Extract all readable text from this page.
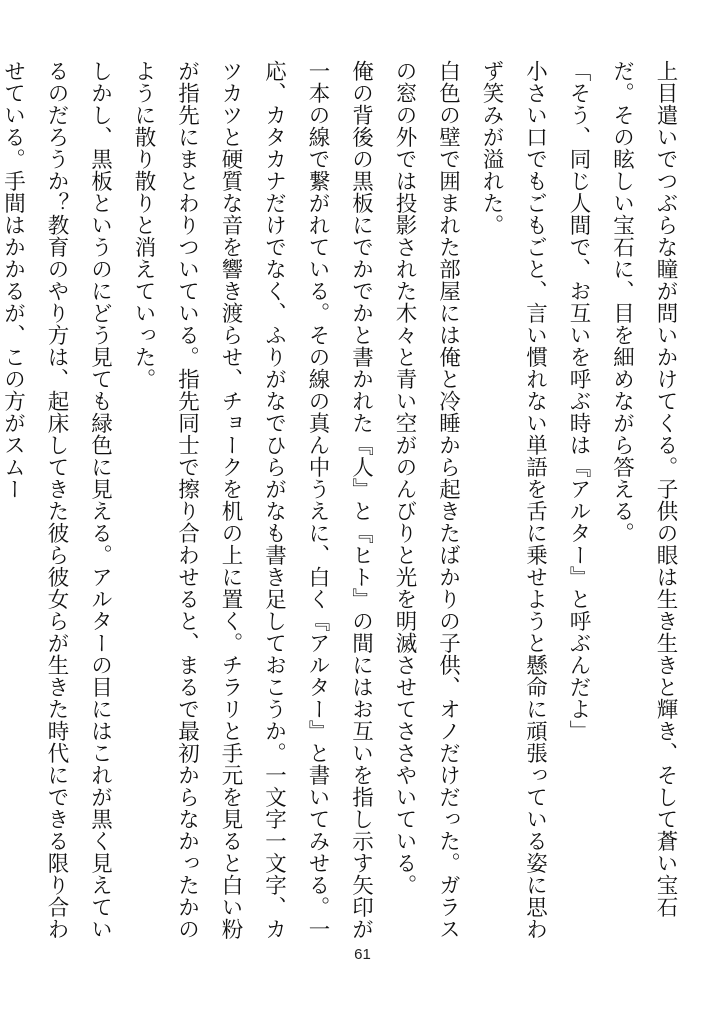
上目遣いでつぶらな瞳が問いかけてくる。子供の眼は生き生きと輝き、そして蒼い宝石だ。その眩しい宝石に、目を細めながら答える。

「そう、同じ人間で、お互いを呼ぶ時は『アルター』と呼ぶんだよ」

小さい口でもごもごと、言い慣れない単語を舌に乗せようと懸命に頑張っている姿に思わず笑みが溢れた。

白色の壁で囲まれた部屋には俺と冷睡から起きたばかりの子供、オノだけだった。ガラスの窓の外では投影された木々と青い空がのんびりと光を明滅させてささやいている。

俺の背後の黒板にでかでかと書かれた『人』と『ヒト』の間にはお互いを指し示す矢印が一本の線で繋がれている。その線の真ん中うえに、白く『アルター』と書いてみせる。一応、カタカナだけでなく、ふりがなでひらがなも書き足しておこうか。一文字一文字、カツカツと硬質な音を響き渡らせ、チョークを机の上に置く。チラリと手元を見ると白い粉が指先にまとわりついている。指先同士で擦り合わせると、まるで最初からなかったかのように散り散りと消えていった。

しかし、黒板というのにどう見ても緑色に見える。アルターの目にはこれが黒く見えているのだろうか？教育のやり方は、起床してきた彼ら彼女らが生きた時代にできる限り合わせている。手間はかかるが、この方がスムー

61
